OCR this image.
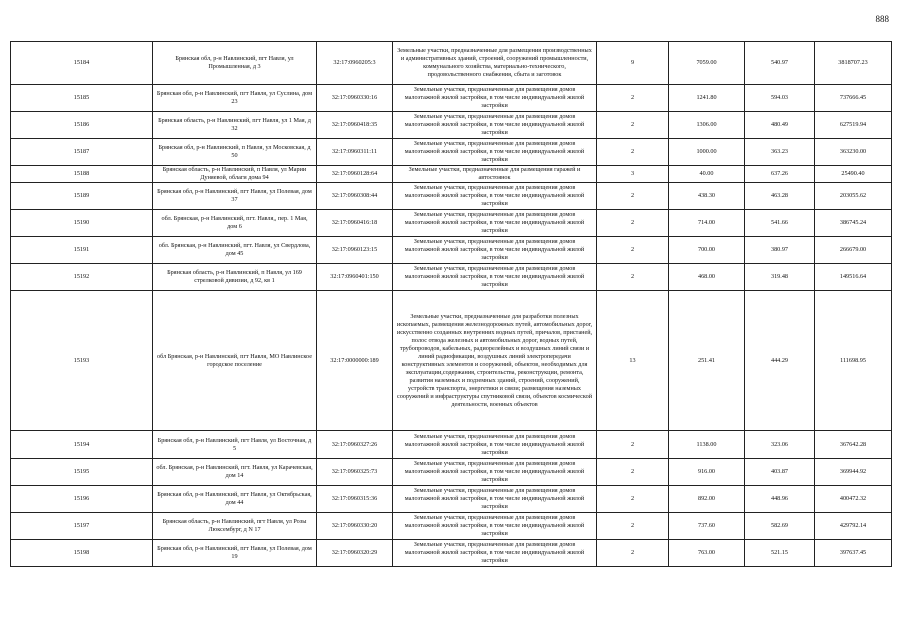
888
15184	Брянская обл, р-н Навлинский, пгт Навля, ул Промышленная, д 3	32:17:0960205:3	Земельные участки, предназначенные для размещения производственных и административных зданий, строений, сооружений промышленности, коммунального хозяйства, материально-технического, продовольственного снабжения, сбыта и заготовок	9	7059.00	540.97	3818707.23
15185	Брянская обл, р-н Навлинский, пгт Навля, ул Суслина, дом 23	32:17:0960330:16	Земельные участки, предназначенные для размещения домов малоэтажной жилой застройки, в том числе индивидуальной жилой застройки	2	1241.80	594.03	737666.45
15186	Брянская область, р-н Навлинский, пгт Навля, ул 1 Мая, д 32	32:17:0960418:35	Земельные участки, предназначенные для размещения домов малоэтажной жилой застройки, в том числе индивидуальной жилой застройки	2	1306.00	480.49	627519.94
15187	Брянская обл, р-н Навлинский, п Навля, ул Московская, д 50	32:17:0960311:11	Земельные участки, предназначенные для размещения домов малоэтажной жилой застройки, в том числе индивидуальной жилой застройки	2	1000.00	363.23	363230.00
15188	Брянская область, р-н Навлинский, п Навля, ул Марии Дуняевой, облаги дома 94	32:17:0960128:64	Земельные участки, предназначенные для размещения гаражей и автостоянок	3	40.00	637.26	25490.40
15189	Брянская обл, р-н Навлинский, пгт Навля, ул Полевая, дом 37	32:17:0960308:44	Земельные участки, предназначенные для размещения домов малоэтажной жилой застройки, в том числе индивидуальной жилой застройки	2	438.30	463.28	203055.62
15190	обл. Брянская, р-н Навлинский, пгт. Навля,, пер. 1 Мая, дом 6	32:17:0960416:18	Земельные участки, предназначенные для размещения домов малоэтажной жилой застройки, в том числе индивидуальной жилой застройки	2	714.00	541.66	386745.24
15191	обл. Брянская, р-н Навлинский, пгт. Навля, ул Свердлова, дом 45	32:17:0960123:15	Земельные участки, предназначенные для размещения домов малоэтажной жилой застройки, в том числе индивидуальной жилой застройки	2	700.00	380.97	266679.00
15192	Брянская область, р-н Навлинский, п Навля, ул 169 стрелковой дивизии, д 92, кв 1	32:17:0960401:150	Земельные участки, предназначенные для размещения домов малоэтажной жилой застройки, в том числе индивидуальной жилой застройки	2	468.00	319.48	149516.64
15193	обл Брянская, р-н Навлинский, пгт Навля, МО Навлинское городское поселение	32:17:0000000:189	Земельные участки, предназначенные для разработки полезных ископаемых, размещения железнодорожных путей, автомобильных дорог, искусственно созданных внутренних водных путей, причалов, пристаней, полос отвода железных и автомобильных дорог, водных путей, трубопроводов, кабельных, радиорелейных и воздушных линий связи и линий радиофикации, воздушных линий электропередачи конструктивных элементов и сооружений, объектов, необходимых для эксплуатации,содержания, строительства, реконструкции, ремонта, развития наземных и подземных зданий, строений, сооружений, устройств транспорта, энергетики и связи; размещения наземных сооружений и инфраструктуры спутниковой связи, объектов космической деятельности, военных объектов	13	251.41	444.29	111698.95
15194	Брянская обл, р-н Навлинский, пгт Навля, ул Восточная, д 5	32:17:0960327:26	Земельные участки, предназначенные для размещения домов малоэтажной жилой застройки, в том числе индивидуальной жилой застройки	2	1138.00	323.06	367642.28
15195	обл. Брянская, р-н Навлинский, пгт. Навля, ул Карачевская, дом 14	32:17:0960325:73	Земельные участки, предназначенные для размещения домов малоэтажной жилой застройки, в том числе индивидуальной жилой застройки	2	916.00	403.87	369944.92
15196	Брянская обл, р-н Навлинский, пгт Навля, ул Октябрьская, дом 44	32:17:0960315:36	Земельные участки, предназначенные для размещения домов малоэтажной жилой застройки, в том числе индивидуальной жилой застройки	2	892.00	448.96	400472.32
15197	Брянская область, р-н Навлинский, пгт Навля, ул Розы Люксембург, д N 17	32:17:0960330:20	Земельные участки, предназначенные для размещения домов малоэтажной жилой застройки, в том числе индивидуальной жилой застройки	2	737.60	582.69	429792.14
15198	Брянская обл, р-н Навлинский, пгт Навля, ул Полевая, дом 19	32:17:0960320:29	Земельные участки, предназначенные для размещения домов малоэтажной жилой застройки, в том числе индивидуальной жилой застройки	2	763.00	521.15	397637.45
